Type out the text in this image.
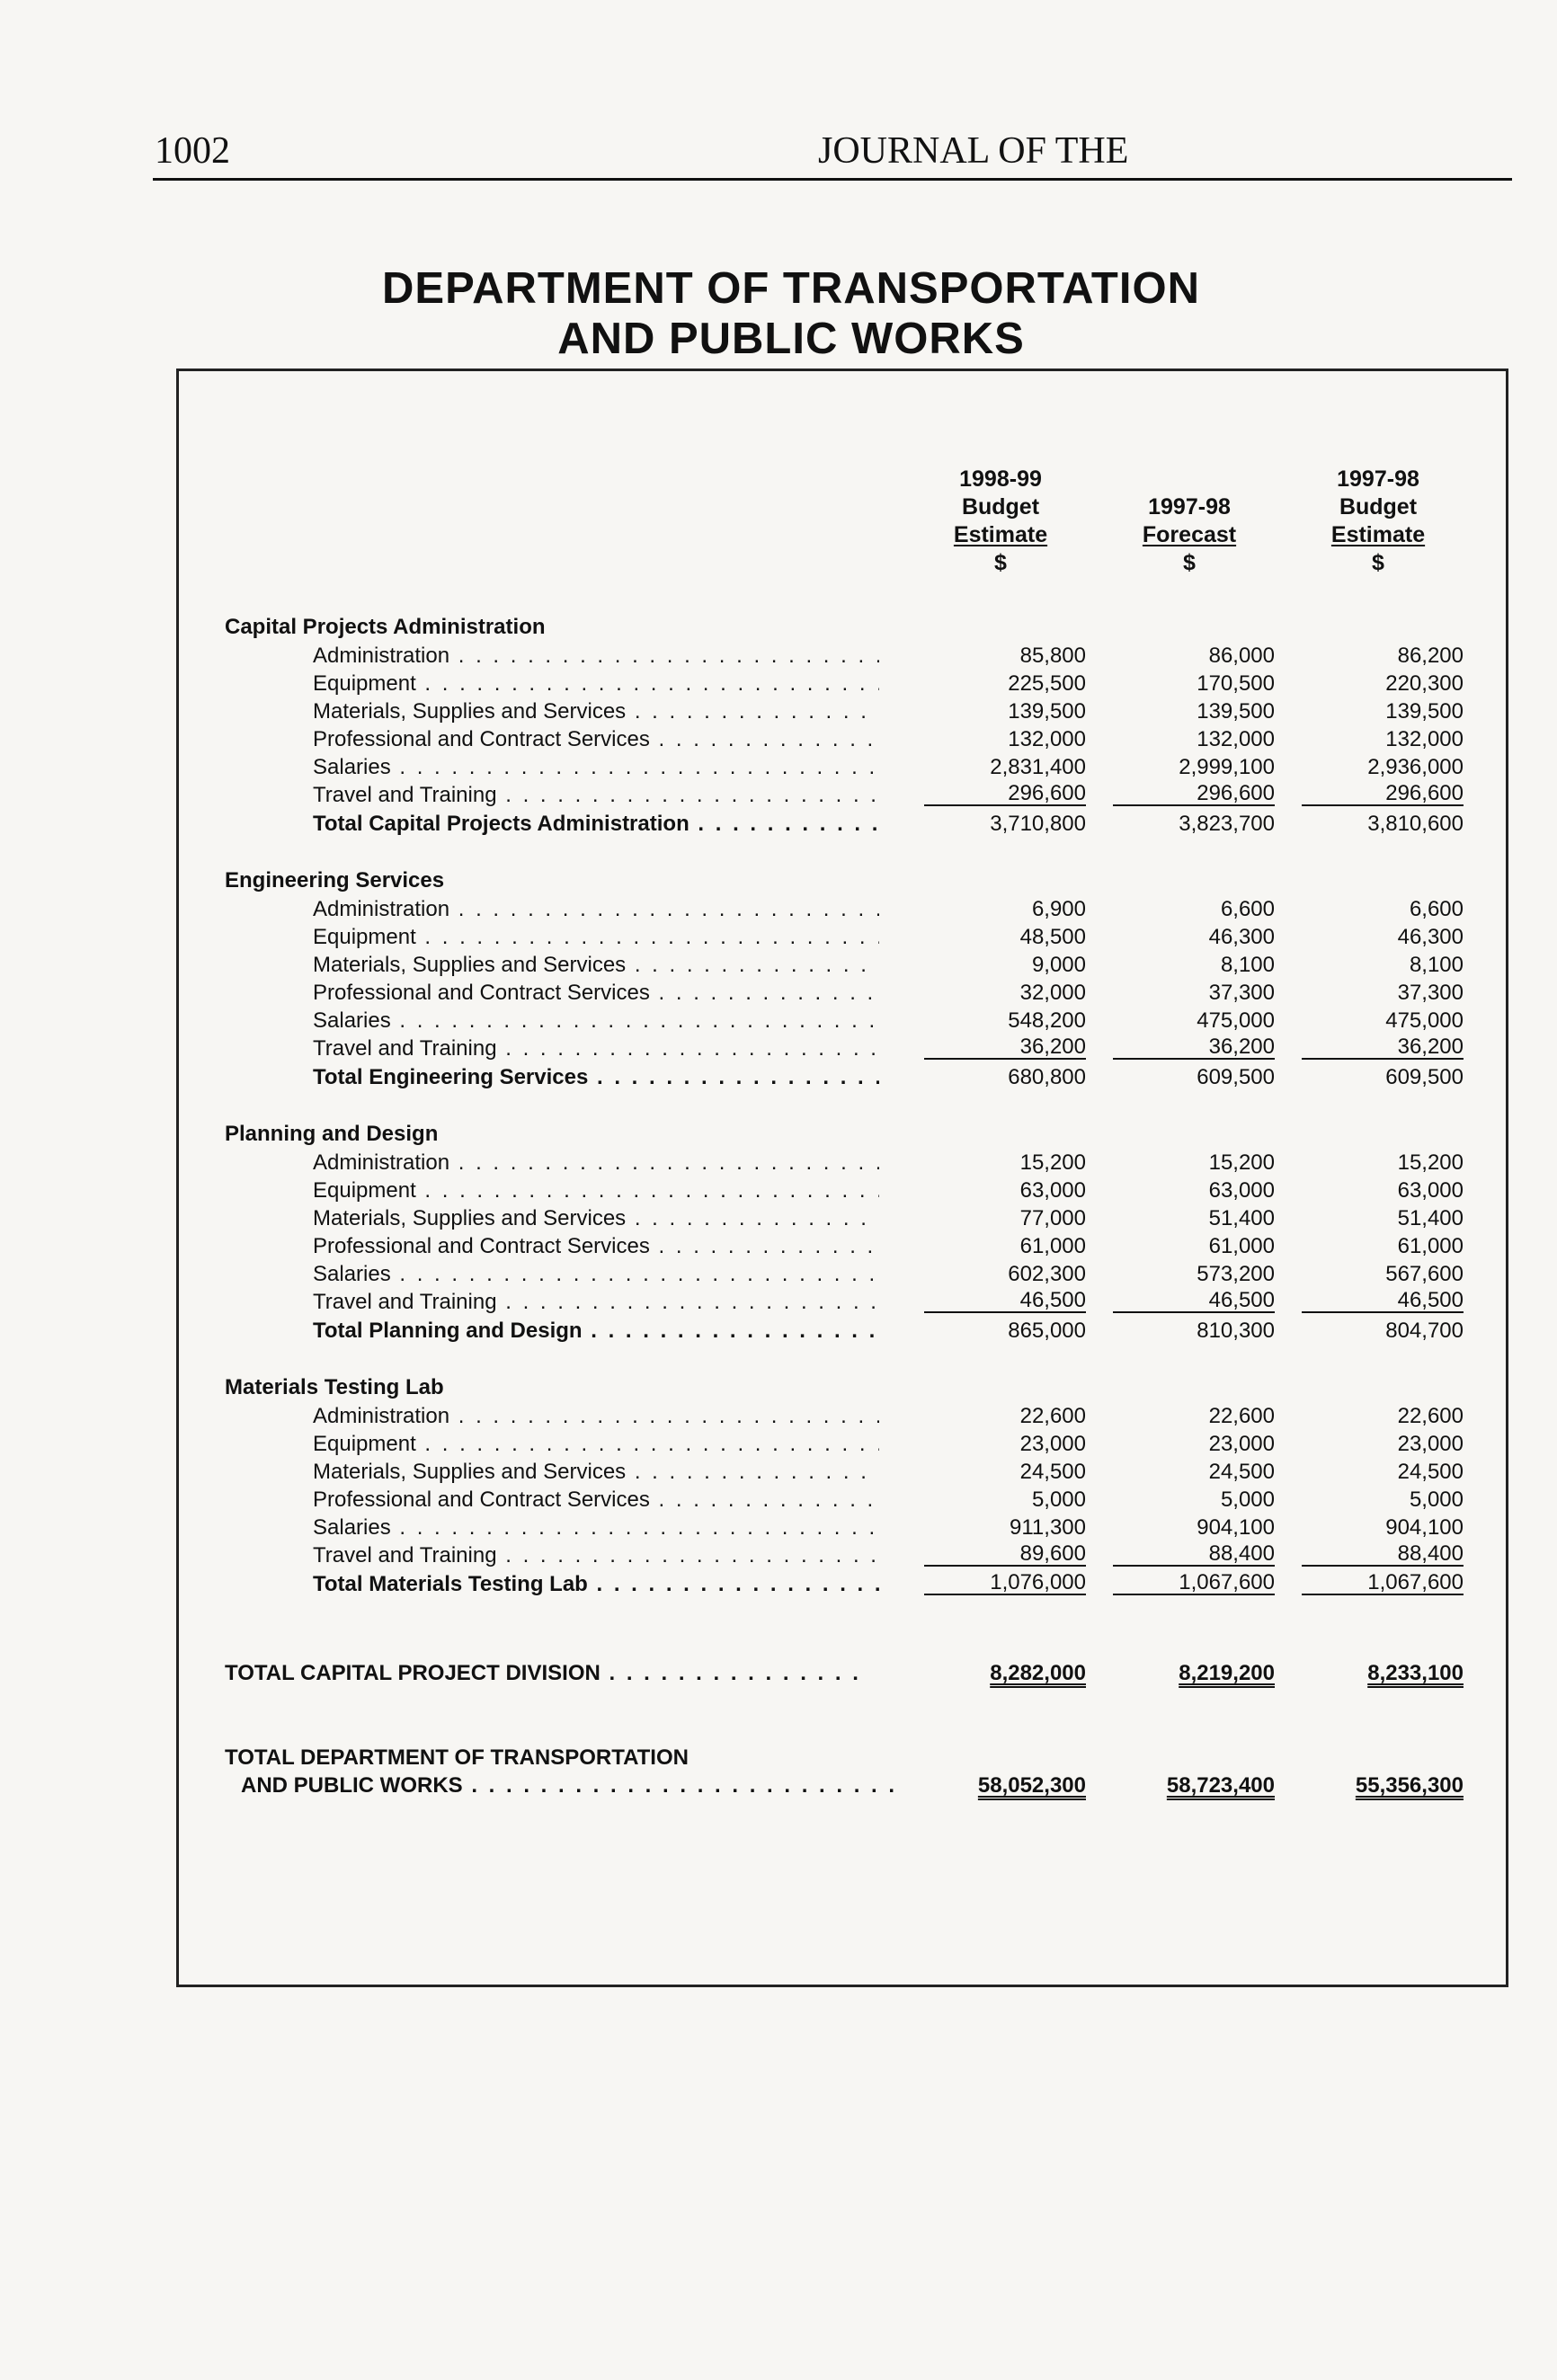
1002	JOURNAL OF THE
DEPARTMENT OF TRANSPORTATION
AND PUBLIC WORKS
1998-99
Budget
Estimate
$

1997-98
Forecast
$
1997-98
Budget
Estimate
$
Capital Projects Administration
Administration . . .	85,800	86,000	86,200
Equipment . . .	225,500	170,500	220,300
Materials, Supplies and Services . . .	139,500	139,500	139,500
Professional and Contract Services . . .	132,000	132,000	132,000
Salaries . . .	2,831,400	2,999,100	2,936,000
Travel and Training . . .	296,600	296,600	296,600
Total Capital Projects Administration . . .	3,710,800	3,823,700	3,810,600
Engineering Services
Administration . . .	6,900	6,600	6,600
Equipment . . .	48,500	46,300	46,300
Materials, Supplies and Services . . .	9,000	8,100	8,100
Professional and Contract Services . . .	32,000	37,300	37,300
Salaries . . .	548,200	475,000	475,000
Travel and Training . . .	36,200	36,200	36,200
Total Engineering Services . . .	680,800	609,500	609,500
Planning and Design
Administration . . .	15,200	15,200	15,200
Equipment . . .	63,000	63,000	63,000
Materials, Supplies and Services . . .	77,000	51,400	51,400
Professional and Contract Services . . .	61,000	61,000	61,000
Salaries . . .	602,300	573,200	567,600
Travel and Training . . .	46,500	46,500	46,500
Total Planning and Design . . .	865,000	810,300	804,700
Materials Testing Lab
Administration . . .	22,600	22,600	22,600
Equipment . . .	23,000	23,000	23,000
Materials, Supplies and Services . . .	24,500	24,500	24,500
Professional and Contract Services . . .	5,000	5,000	5,000
Salaries . . .	911,300	904,100	904,100
Travel and Training . . .	89,600	88,400	88,400
Total Materials Testing Lab . . .	1,076,000	1,067,600	1,067,600
TOTAL CAPITAL PROJECT DIVISION . . . . . . . . . . . . . . .	8,282,000	8,219,200	8,233,100
TOTAL DEPARTMENT OF TRANSPORTATION
AND PUBLIC WORKS . . . . . . . . . . . . . . . . . . . . . . . . .	58,052,300	58,723,400	55,356,300
